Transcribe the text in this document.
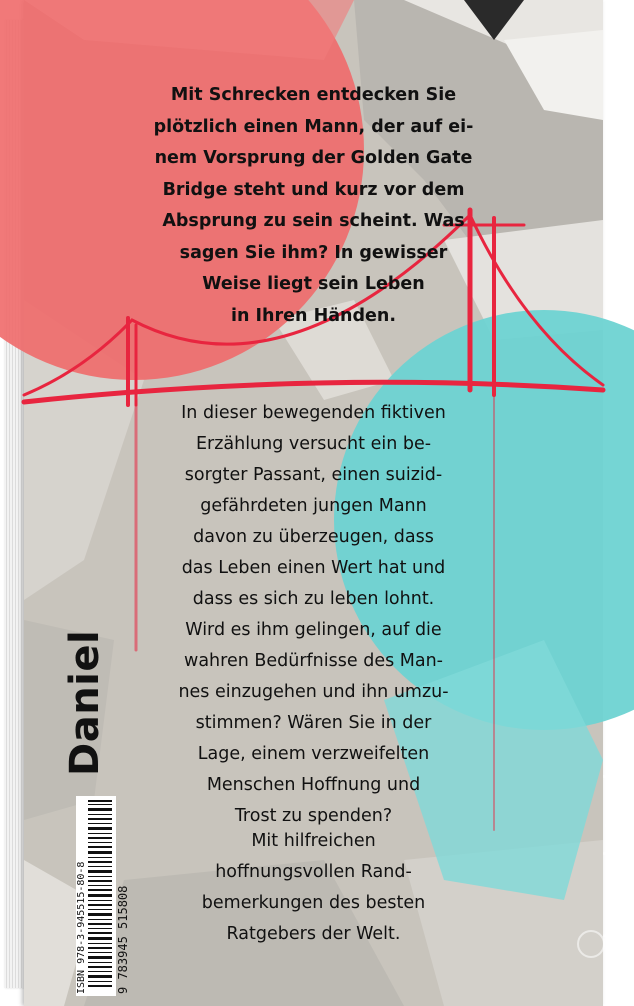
Mit Schrecken entdecken Sie
plötzlich einen Mann, der auf ei-
nem Vorsprung der Golden Gate
Bridge steht und kurz vor dem
Absprung zu sein scheint. Was
sagen Sie ihm? In gewisser
Weise liegt sein Leben
in Ihren Händen.

In dieser bewegenden fiktiven
Erzählung versucht ein be-
sorgter Passant, einen suizid-
gefährdeten jungen Mann
davon zu überzeugen, dass
das Leben einen Wert hat und
dass es sich zu leben lohnt.
Wird es ihm gelingen, auf die
wahren Bedürfnisse des Man-
nes einzugehen und ihn umzu-
stimmen? Wären Sie in der
Lage, einem verzweifelten
Menschen Hoffnung und
Trost zu spenden?

Mit hilfreichen
hoffnungsvollen Rand-
bemerkungen des besten
Ratgebers der Welt.

Daniel
ISBN 978-3-945515-80-8 9 783945 515808	leseplatz.de
